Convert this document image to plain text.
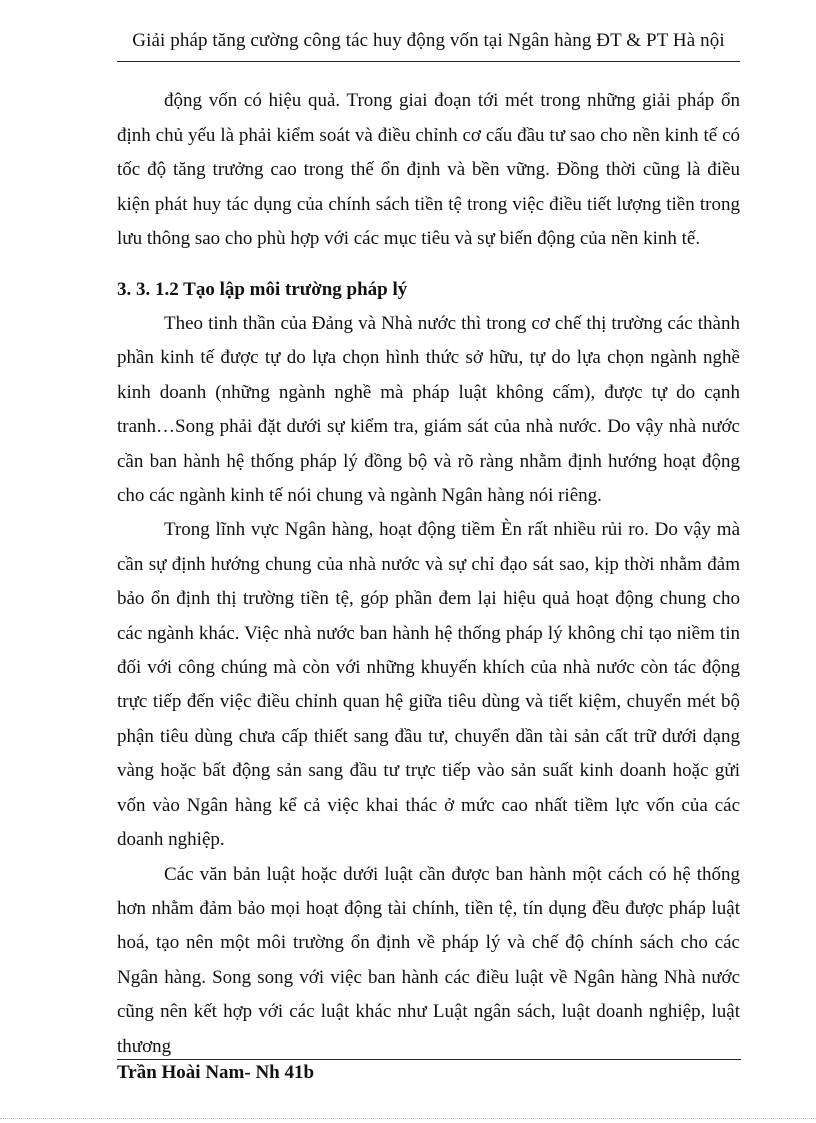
Giải pháp tăng cường công tác huy động vốn tại Ngân hàng ĐT & PT Hà nội

động vốn có hiệu quả. Trong giai đoạn tới mét trong những giải pháp ổn định chủ yếu là phải kiểm soát và điều chỉnh cơ cấu đầu tư sao cho nền kinh tế có tốc độ tăng trưởng cao trong thế ổn định và bền vững. Đồng thời cũng là điều kiện phát huy tác dụng của chính sách tiền tệ trong việc điều tiết lượng tiền trong lưu thông sao cho phù hợp với các mục tiêu và sự biến động của nền kinh tế.

3. 3. 1.2 Tạo lập môi trường pháp lý

Theo tinh thần của Đảng và Nhà nước thì trong cơ chế thị trường các thành phần kinh tế được tự do lựa chọn hình thức sở hữu, tự do lựa chọn ngành nghề kinh doanh (những ngành nghề mà pháp luật không cấm), được tự do cạnh tranh…Song phải đặt dưới sự kiểm tra, giám sát của nhà nước. Do vậy nhà nước cần ban hành hệ thống pháp lý đồng bộ và rõ ràng nhằm định hướng hoạt động cho các ngành kinh tế nói chung và ngành Ngân hàng nói riêng.

Trong lĩnh vực Ngân hàng, hoạt động tiềm Èn rất nhiều rủi ro. Do vậy mà cần sự định hướng chung của nhà nước và sự chỉ đạo sát sao, kịp thời nhằm đảm bảo ổn định thị trường tiền tệ, góp phần đem lại hiệu quả hoạt động chung cho các ngành khác. Việc nhà nước ban hành hệ thống pháp lý không chỉ tạo niềm tin đối với công chúng mà còn với những khuyến khích của nhà nước còn tác động trực tiếp đến việc điều chỉnh quan hệ giữa tiêu dùng và tiết kiệm, chuyển mét bộ phận tiêu dùng chưa cấp thiết sang đầu tư, chuyển dần tài sản cất trữ dưới dạng vàng hoặc bất động sản sang đầu tư trực tiếp vào sản suất kinh doanh hoặc gửi vốn vào Ngân hàng kể cả việc khai thác ở mức cao nhất tiềm lực vốn của các doanh nghiệp.

Các văn bản luật hoặc dưới luật cần được ban hành một cách có hệ thống hơn nhằm đảm bảo mọi hoạt động tài chính, tiền tệ, tín dụng đều được pháp luật hoá, tạo nên một môi trường ổn định về pháp lý và chế độ chính sách cho các Ngân hàng. Song song với việc ban hành các điều luật về Ngân hàng Nhà nước cũng nên kết hợp với các luật khác như Luật ngân sách, luật doanh nghiệp, luật thương

Trần Hoài Nam- Nh 41b
